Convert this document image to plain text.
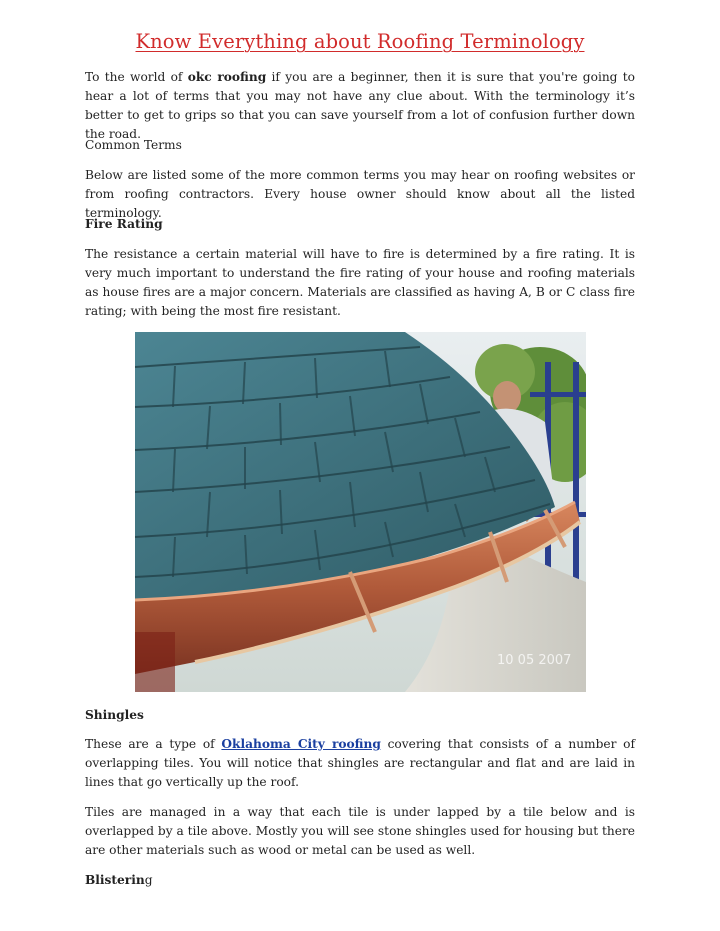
Know Everything about Roofing Terminology
To the world of okc roofing if you are a beginner, then it is sure that you're going to hear a lot of terms that you may not have any clue about. With the terminology it’s better to get to grips so that you can save yourself from a lot of confusion further down the road.
Common Terms
Below are listed some of the more common terms you may hear on roofing websites or from roofing contractors. Every house owner should know about all the listed terminology.
Fire Rating
The resistance a certain material will have to fire is determined by a fire rating. It is very much important to understand the fire rating of your house and roofing materials as house fires are a major concern. Materials are classified as having A, B or C class fire rating; with being the most fire resistant.
10 05 2007
Shingles
These are a type of Oklahoma City roofing covering that consists of a number of overlapping tiles. You will notice that shingles are rectangular and flat and are laid in lines that go vertically up the roof.
Tiles are managed in a way that each tile is under lapped by a tile below and is overlapped by a tile above. Mostly you will see stone shingles used for housing but there are other materials such as wood or metal can be used as well.
Blistering
